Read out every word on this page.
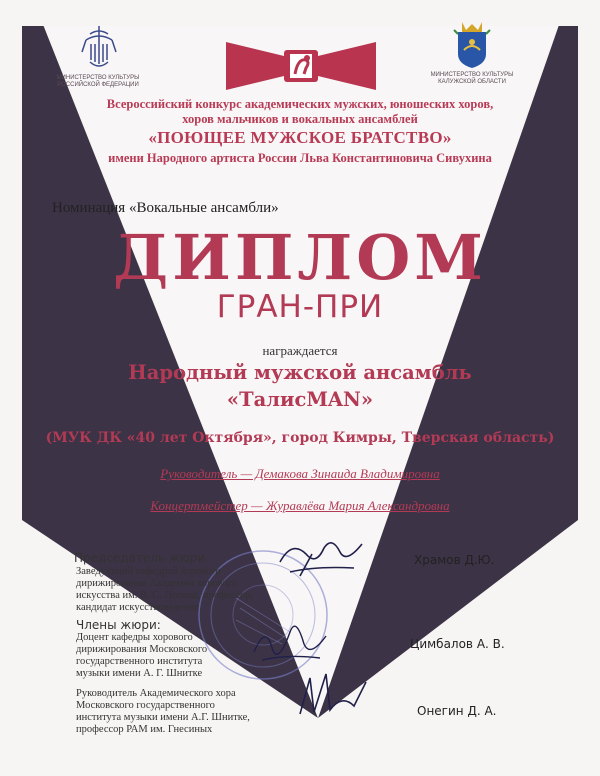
МИНИСТЕРСТВО КУЛЬТУРЫ
РОССИЙСКОЙ ФЕДЕРАЦИИ
МИНИСТЕРСТВО КУЛЬТУРЫ
КАЛУЖСКОЙ ОБЛАСТИ
Всероссийский конкурс академических мужских, юношеских хоров,
хоров мальчиков и вокальных ансамблей
«ПОЮЩЕЕ МУЖСКОЕ БРАТСТВО»
имени Народного артиста России Льва Константиновича Сивухина
Номинация «Вокальные ансамбли»
ДИПЛОМ
ГРАН-ПРИ
награждается
Народный мужской ансамбль
«ТалисMAN»
(МУК ДК «40 лет Октября», город Кимры, Тверская область)
Руководитель — Демакова Зинаида Владимировна
Концертмейстер — Журавлёва Мария Александровна
Председатель жюри
Заведующий кафедрой хорового
дирижирования Академии хорового
искусства им. В. С. Попова, профессор,
кандидат искусствоведения
Храмов Д.Ю.
Члены жюри:
Доцент кафедры хорового
дирижирования Московского
государственного института
музыки имени А. Г. Шнитке
Цимбалов А. В.
Руководитель Академического хора
Московского государственного
института музыки имени А.Г. Шнитке,
профессор РАМ им. Гнесиных
Онегин Д. А.
